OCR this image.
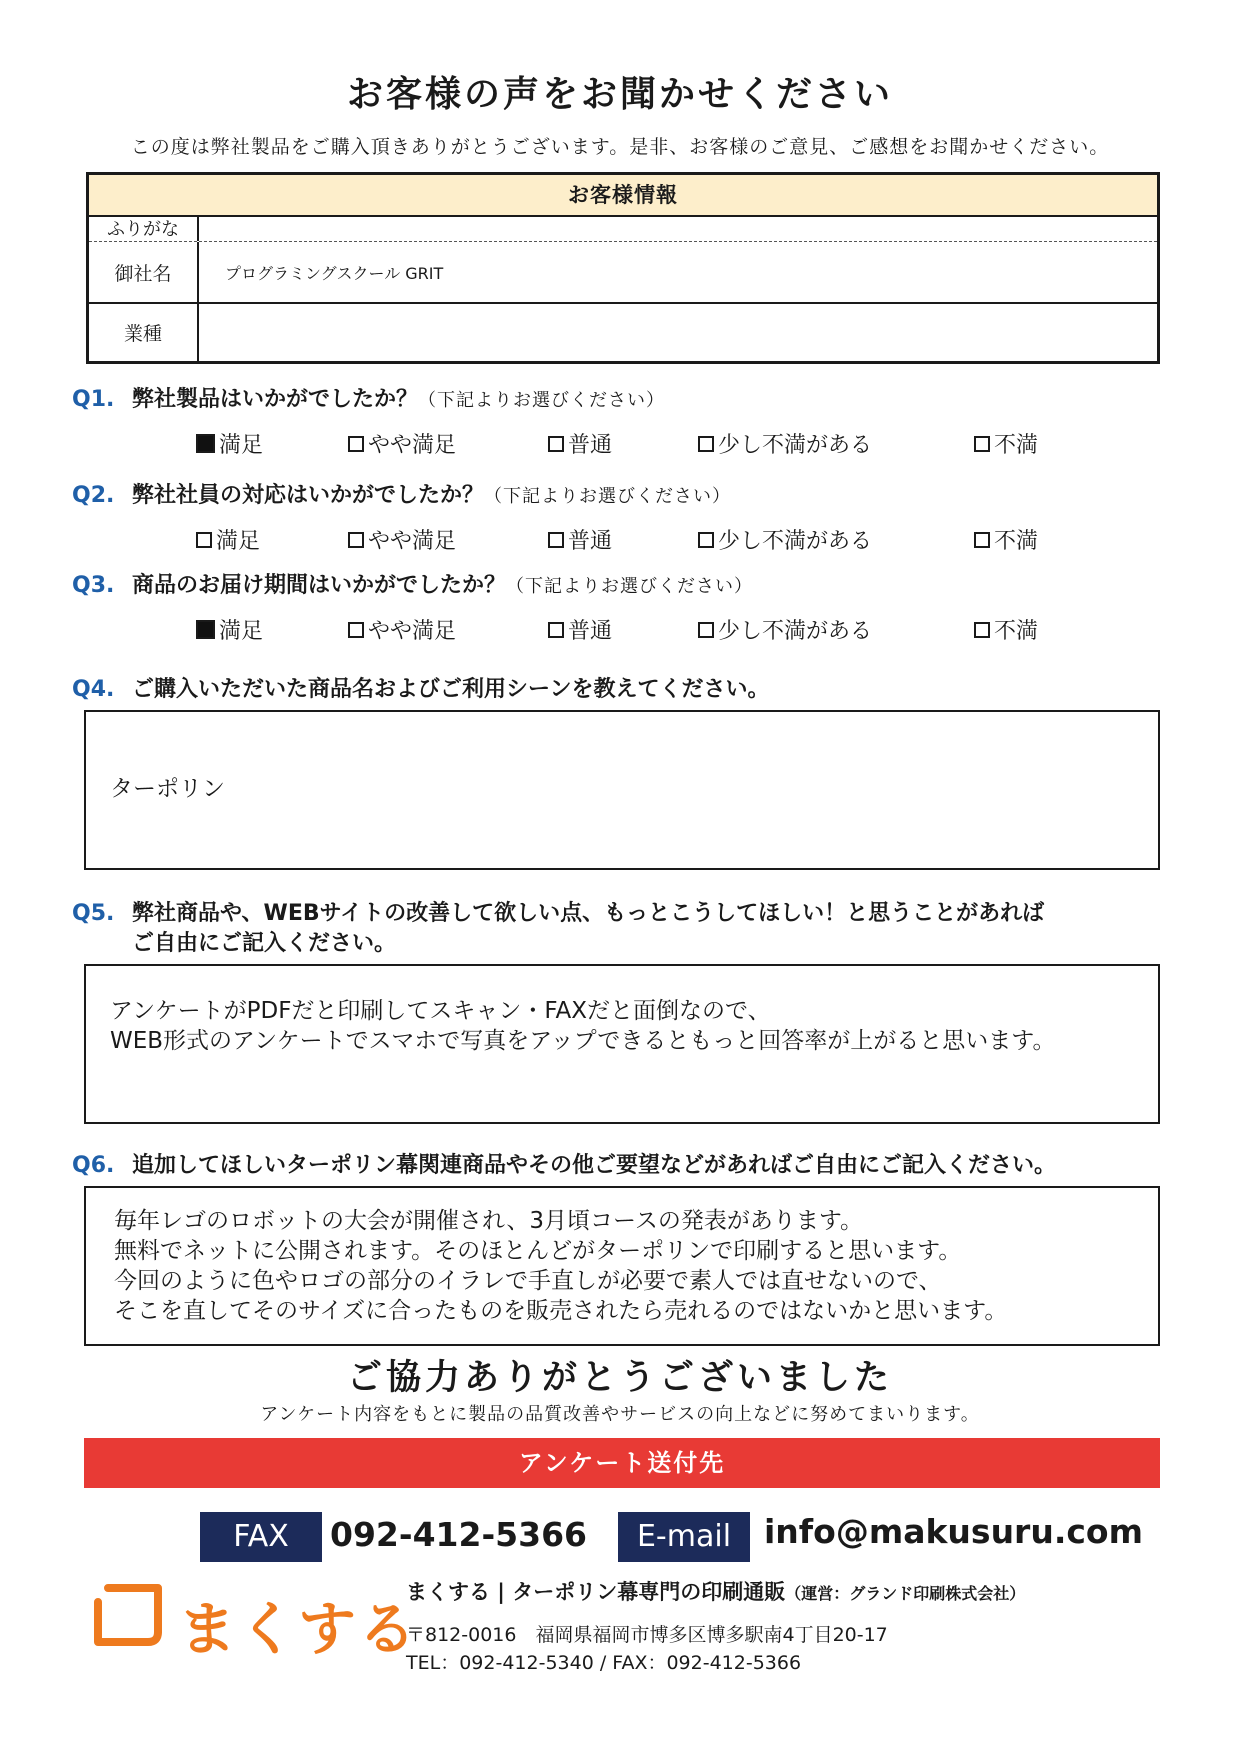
お客様の声をお聞かせください
この度は弊社製品をご購入頂きありがとうございます。是非、お客様のご意見、ご感想をお聞かせください。
お客様情報
ふりがな
御社名	プログラミングスクール GRIT
業種
Q1. 弊社製品はいかがでしたか？（下記よりお選びください）
満足	やや満足	普通	少し不満がある	不満
Q2. 弊社社員の対応はいかがでしたか？（下記よりお選びください）
満足	やや満足	普通	少し不満がある	不満
Q3. 商品のお届け期間はいかがでしたか？（下記よりお選びください）
満足	やや満足	普通	少し不満がある	不満
Q4. ご購入いただいた商品名およびご利用シーンを教えてください。
ターポリン
Q5. 弊社商品や、WEBサイトの改善して欲しい点、もっとこうしてほしい！と思うことがあれば
ご自由にご記入ください。
アンケートがPDFだと印刷してスキャン・FAXだと面倒なので、
WEB形式のアンケートでスマホで写真をアップできるともっと回答率が上がると思います。
Q6. 追加してほしいターポリン幕関連商品やその他ご要望などがあればご自由にご記入ください。
毎年レゴのロボットの大会が開催され、3月頃コースの発表があります。
無料でネットに公開されます。そのほとんどがターポリンで印刷すると思います。
今回のように色やロゴの部分のイラレで手直しが必要で素人では直せないので、
そこを直してそのサイズに合ったものを販売されたら売れるのではないかと思います。
ご協力ありがとうございました
アンケート内容をもとに製品の品質改善やサービスの向上などに努めてまいります。
アンケート送付先
FAX	092-412-5366	E-mail info@makusuru.com
まくする
まくする | ターポリン幕専門の印刷通販（運営：グランド印刷株式会社）
〒812-0016　福岡県福岡市博多区博多駅南4丁目20-17
TEL：092-412-5340 / FAX：092-412-5366
